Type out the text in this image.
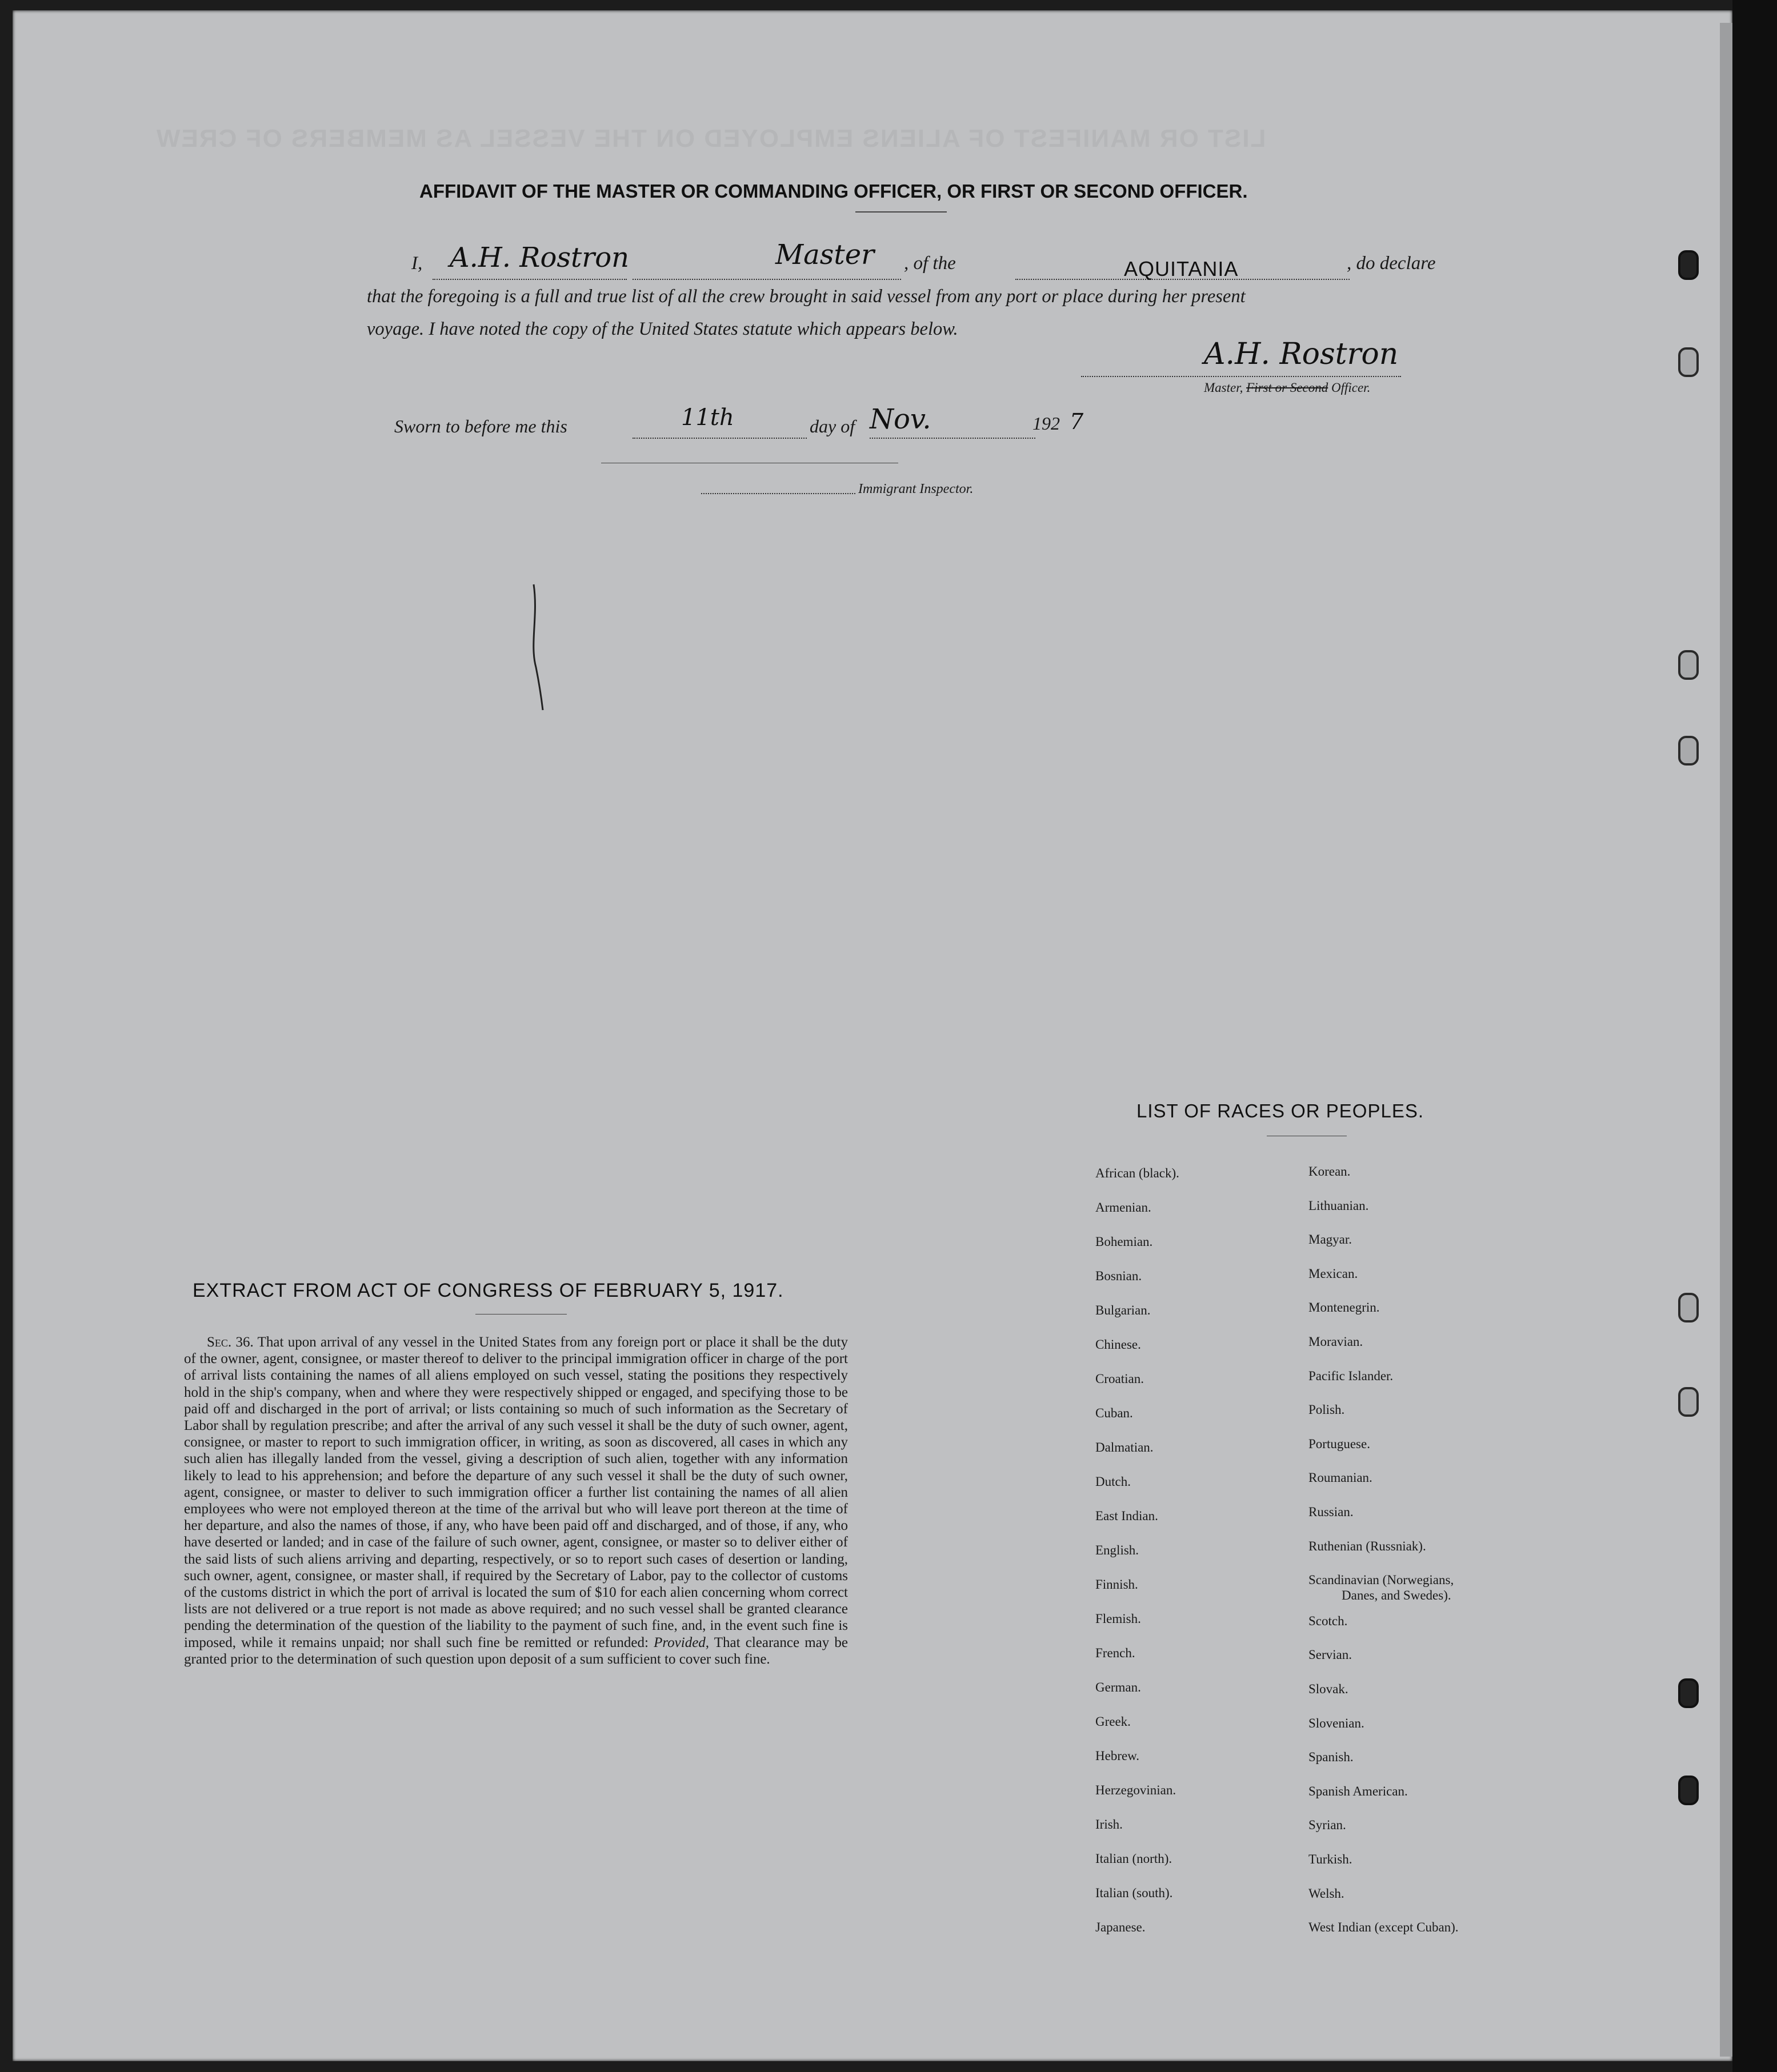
LIST OR MANIFEST OF ALIENS EMPLOYED ON THE VESSEL AS MEMBERS OF CREW
AFFIDAVIT OF THE MASTER OR COMMANDING OFFICER, OR FIRST OR SECOND OFFICER.
I, A.H. Rostron	Master , of the	AQUITANIA	, do declare
that the foregoing is a full and true list of all the crew brought in said vessel from any port or place during her present
voyage. I have noted the copy of the United States statute which appears below.
A.H. Rostron
Master, First or Second Officer.
Sworn to before me this	11th	day of Nov.	192 7
Immigrant Inspector.
LIST OF RACES OR PEOPLES.
African (black).
Armenian.
Bohemian.
Bosnian.
Bulgarian.
Chinese.
Croatian.
Cuban.
Dalmatian.
Dutch.
East Indian.
English.
Finnish.
Flemish.
French.
German.
Greek.
Hebrew.
Herzegovinian.
Irish.
Italian (north).
Italian (south).
Japanese.
Korean.
Lithuanian.
Magyar.
Mexican.
Montenegrin.
Moravian.
Pacific Islander.
Polish.
Portuguese.
Roumanian.
Russian.
Ruthenian (Russniak).
Scandinavian (Norwegians,
Danes, and Swedes).
Scotch.
Servian.
Slovak.
Slovenian.
Spanish.
Spanish American.
Syrian.
Turkish.
Welsh.
West Indian (except Cuban).
EXTRACT FROM ACT OF CONGRESS OF FEBRUARY 5, 1917.
Sec. 36. That upon arrival of any vessel in the United States from any foreign port or place it shall be the duty of the owner, agent, consignee, or master thereof to deliver to the principal immigration officer in charge of the port of arrival lists containing the names of all aliens employed on such vessel, stating the positions they respectively hold in the ship's company, when and where they were respectively shipped or engaged, and specifying those to be paid off and discharged in the port of arrival; or lists containing so much of such information as the Secretary of Labor shall by regulation prescribe; and after the arrival of any such vessel it shall be the duty of such owner, agent, consignee, or master to report to such immigration officer, in writing, as soon as discovered, all cases in which any such alien has illegally landed from the vessel, giving a description of such alien, together with any information likely to lead to his apprehension; and before the departure of any such vessel it shall be the duty of such owner, agent, consignee, or master to deliver to such immigration officer a further list containing the names of all alien employees who were not employed thereon at the time of the arrival but who will leave port thereon at the time of her departure, and also the names of those, if any, who have been paid off and discharged, and of those, if any, who have deserted or landed; and in case of the failure of such owner, agent, consignee, or master so to deliver either of the said lists of such aliens arriving and departing, respectively, or so to report such cases of desertion or landing, such owner, agent, consignee, or master shall, if required by the Secretary of Labor, pay to the collector of customs of the customs district in which the port of arrival is located the sum of $10 for each alien concerning whom correct lists are not delivered or a true report is not made as above required; and no such vessel shall be granted clearance pending the determination of the question of the liability to the payment of such fine, and, in the event such fine is imposed, while it remains unpaid; nor shall such fine be remitted or refunded: Provided, That clearance may be granted prior to the determination of such question upon deposit of a sum sufficient to cover such fine.
